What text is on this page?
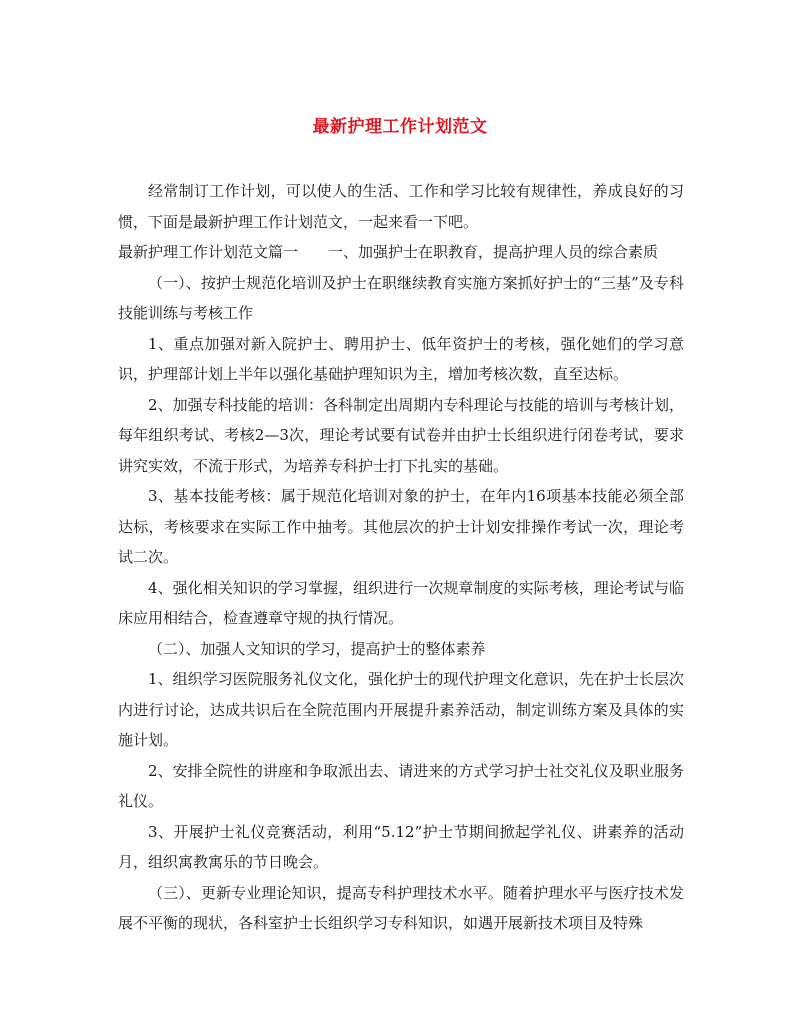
最新护理工作计划范文

经常制订工作计划，可以使人的生活、工作和学习比较有规律性，养成良好的习惯，下面是最新护理工作计划范文，一起来看一下吧。

最新护理工作计划范文篇一　　一、加强护士在职教育，提高护理人员的综合素质

（一）、按护士规范化培训及护士在职继续教育实施方案抓好护士的“三基”及专科技能训练与考核工作

1、重点加强对新入院护士、聘用护士、低年资护士的考核，强化她们的学习意识，护理部计划上半年以强化基础护理知识为主，增加考核次数，直至达标。

2、加强专科技能的培训：各科制定出周期内专科理论与技能的培训与考核计划，每年组织考试、考核2—3次，理论考试要有试卷并由护士长组织进行闭卷考试，要求讲究实效，不流于形式，为培养专科护士打下扎实的基础。

3、基本技能考核：属于规范化培训对象的护士，在年内16项基本技能必须全部达标，考核要求在实际工作中抽考。其他层次的护士计划安排操作考试一次，理论考试二次。

4、强化相关知识的学习掌握，组织进行一次规章制度的实际考核，理论考试与临床应用相结合，检查遵章守规的执行情况。

（二）、加强人文知识的学习，提高护士的整体素养

1、组织学习医院服务礼仪文化，强化护士的现代护理文化意识，先在护士长层次内进行讨论，达成共识后在全院范围内开展提升素养活动，制定训练方案及具体的实施计划。

2、安排全院性的讲座和争取派出去、请进来的方式学习护士社交礼仪及职业服务礼仪。

3、开展护士礼仪竞赛活动，利用“5.12”护士节期间掀起学礼仪、讲素养的活动月，组织寓教寓乐的节日晚会。

（三）、更新专业理论知识，提高专科护理技术水平。随着护理水平与医疗技术发展不平衡的现状，各科室护士长组织学习专科知识，如遇开展新技术项目及特殊
